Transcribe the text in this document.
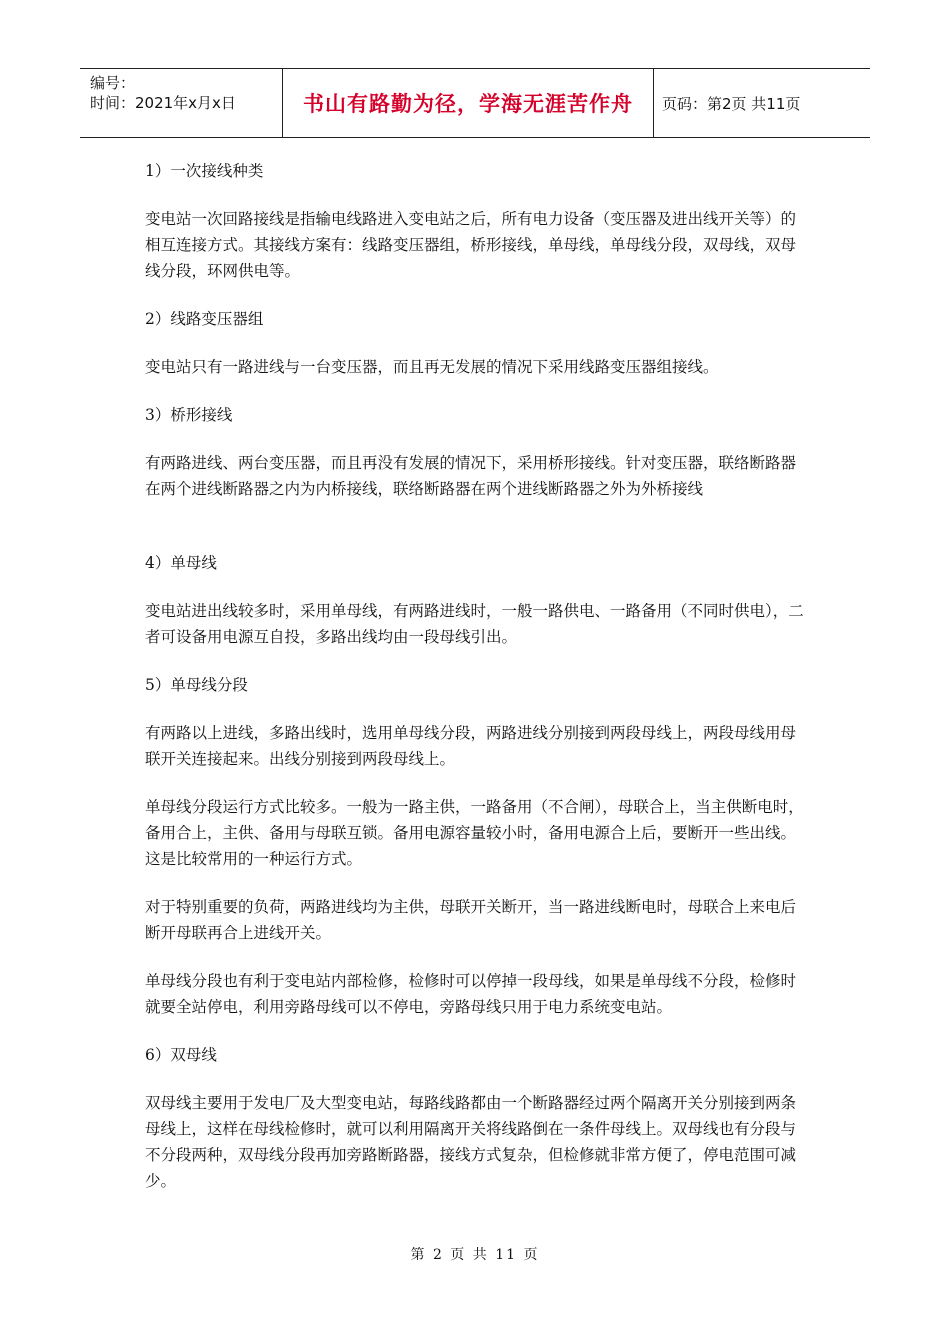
编号：
时间：2021年x月x日	书山有路勤为径，学海无涯苦作舟	页码：第2页 共11页

1）一次接线种类

变电站一次回路接线是指输电线路进入变电站之后，所有电力设备（变压器及进出线开关等）的相互连接方式。其接线方案有：线路变压器组，桥形接线，单母线，单母线分段，双母线，双母线分段，环网供电等。

2）线路变压器组

变电站只有一路进线与一台变压器，而且再无发展的情况下采用线路变压器组接线。

3）桥形接线

有两路进线、两台变压器，而且再没有发展的情况下，采用桥形接线。针对变压器，联络断路器在两个进线断路器之内为内桥接线，联络断路器在两个进线断路器之外为外桥接线

4）单母线

变电站进出线较多时，采用单母线，有两路进线时，一般一路供电、一路备用（不同时供电），二者可设备用电源互自投，多路出线均由一段母线引出。

5）单母线分段

有两路以上进线，多路出线时，选用单母线分段，两路进线分别接到两段母线上，两段母线用母联开关连接起来。出线分别接到两段母线上。

单母线分段运行方式比较多。一般为一路主供，一路备用（不合闸），母联合上，当主供断电时，备用合上，主供、备用与母联互锁。备用电源容量较小时，备用电源合上后，要断开一些出线。这是比较常用的一种运行方式。

对于特别重要的负荷，两路进线均为主供，母联开关断开，当一路进线断电时，母联合上来电后断开母联再合上进线开关。

单母线分段也有利于变电站内部检修，检修时可以停掉一段母线，如果是单母线不分段，检修时就要全站停电，利用旁路母线可以不停电，旁路母线只用于电力系统变电站。

6）双母线

双母线主要用于发电厂及大型变电站，每路线路都由一个断路器经过两个隔离开关分别接到两条母线上，这样在母线检修时，就可以利用隔离开关将线路倒在一条件母线上。双母线也有分段与不分段两种，双母线分段再加旁路断路器，接线方式复杂，但检修就非常方便了，停电范围可减少。

第 2 页 共 11 页
